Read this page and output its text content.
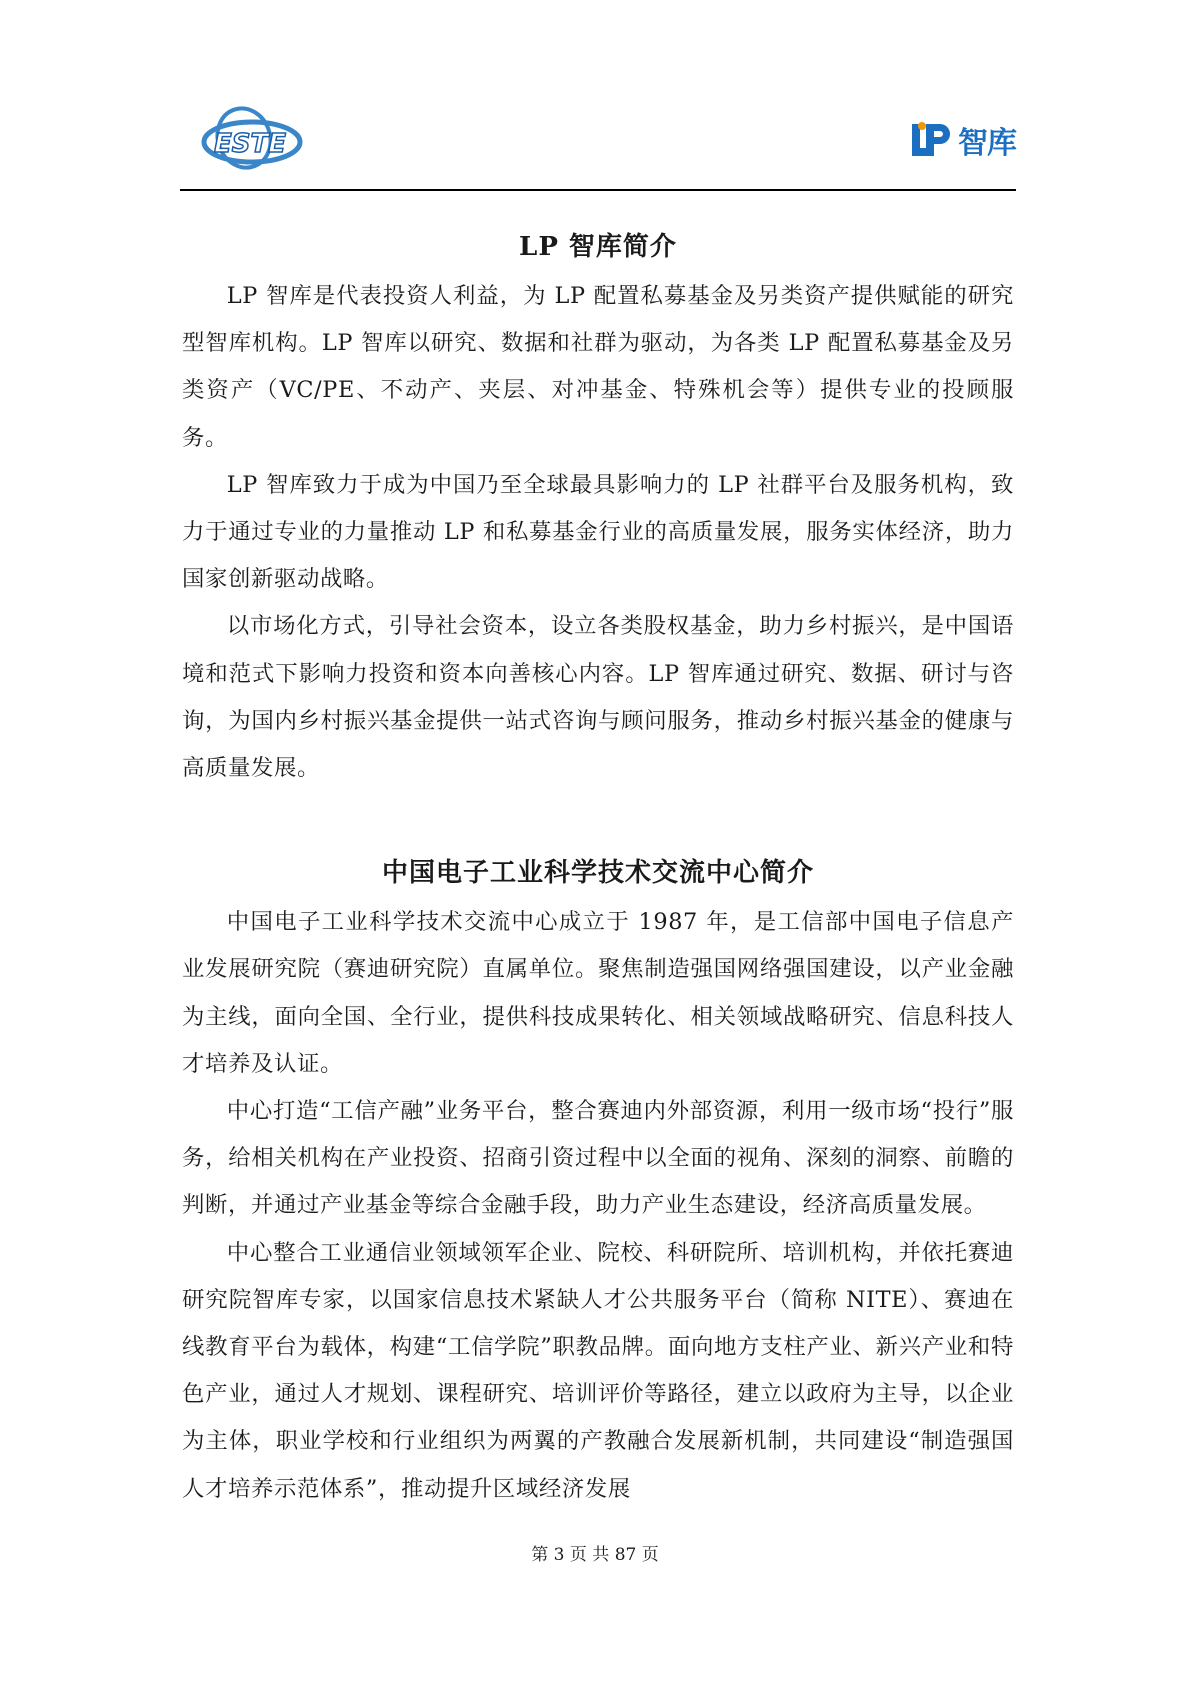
ESTE	智库
LP 智库简介

LP 智库是代表投资人利益，为 LP 配置私募基金及另类资产提供赋能的研究型智库机构。LP 智库以研究、数据和社群为驱动，为各类 LP 配置私募基金及另类资产（VC/PE、不动产、夹层、对冲基金、特殊机会等）提供专业的投顾服务。

LP 智库致力于成为中国乃至全球最具影响力的 LP 社群平台及服务机构，致力于通过专业的力量推动 LP 和私募基金行业的高质量发展，服务实体经济，助力国家创新驱动战略。

以市场化方式，引导社会资本，设立各类股权基金，助力乡村振兴，是中国语境和范式下影响力投资和资本向善核心内容。LP 智库通过研究、数据、研讨与咨询，为国内乡村振兴基金提供一站式咨询与顾问服务，推动乡村振兴基金的健康与高质量发展。

中国电子工业科学技术交流中心简介

中国电子工业科学技术交流中心成立于 1987 年，是工信部中国电子信息产业发展研究院（赛迪研究院）直属单位。聚焦制造强国网络强国建设，以产业金融为主线，面向全国、全行业，提供科技成果转化、相关领域战略研究、信息科技人才培养及认证。

中心打造“工信产融”业务平台，整合赛迪内外部资源，利用一级市场“投行”服务，给相关机构在产业投资、招商引资过程中以全面的视角、深刻的洞察、前瞻的判断，并通过产业基金等综合金融手段，助力产业生态建设，经济高质量发展。

中心整合工业通信业领域领军企业、院校、科研院所、培训机构，并依托赛迪研究院智库专家，以国家信息技术紧缺人才公共服务平台（简称 NITE）、赛迪在线教育平台为载体，构建“工信学院”职教品牌。面向地方支柱产业、新兴产业和特色产业，通过人才规划、课程研究、培训评价等路径，建立以政府为主导，以企业为主体，职业学校和行业组织为两翼的产教融合发展新机制，共同建设“制造强国人才培养示范体系”，推动提升区域经济发展

第 3 页 共 87 页
